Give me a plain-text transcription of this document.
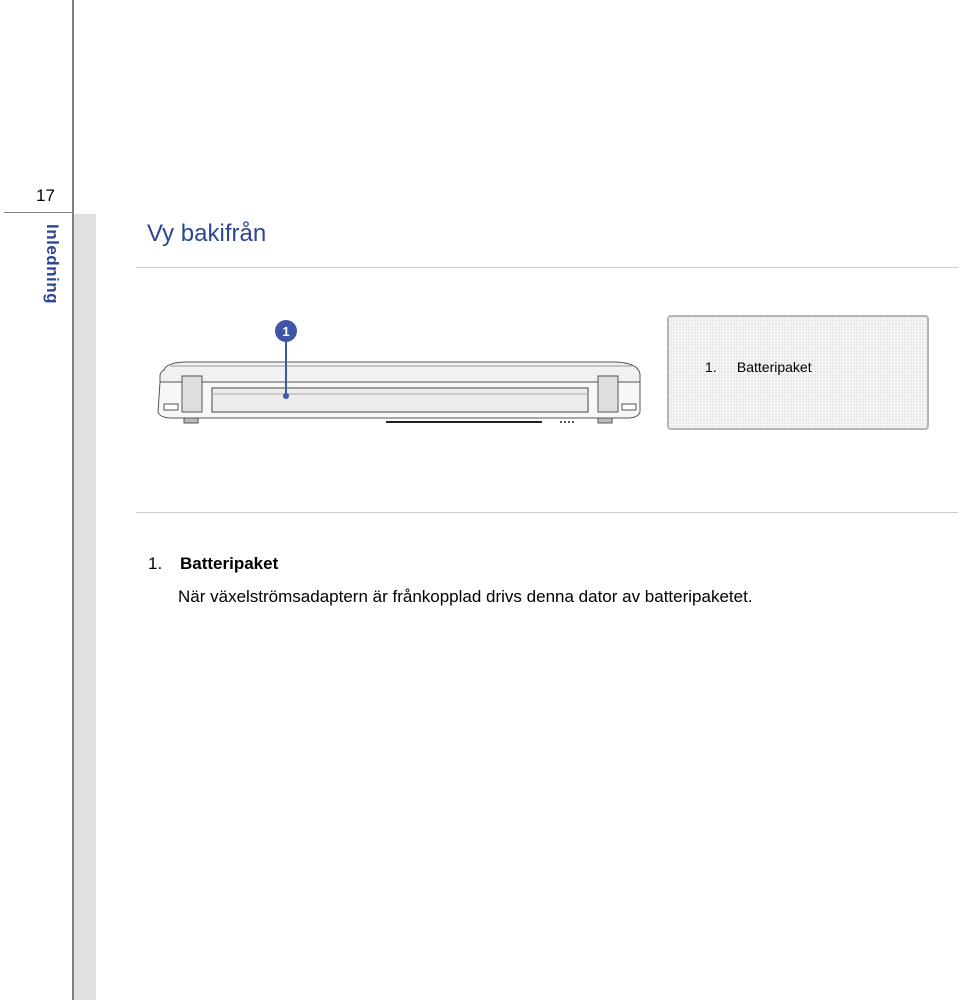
17
Inledning	Vy bakifrån
1
1. Batteripaket
1. Batteripaket
När växelströmsadaptern är frånkopplad drivs denna dator av batteripaketet.
